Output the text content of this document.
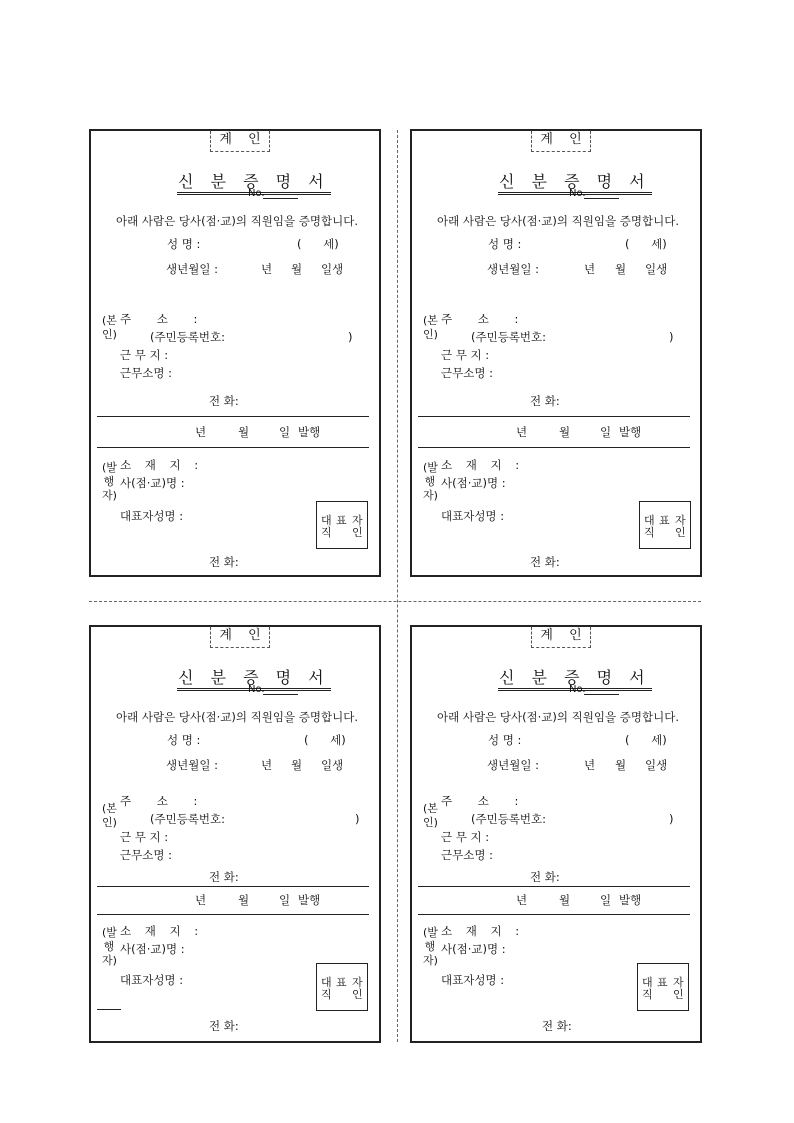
계 인
신 분 증 명 서
No.
아래 사람은 당사(점·교)의 직원임을 증명합니다.
성 명 :	( 세)
생년월일 :	년 월 일생
(본인)
주 소 :
(주민등록번호:	)
근 무 지 :
근무소명 :
전 화:
년	월	일 발행
(발행자)
소 재 지 :
사(점·교)명 :
대표자성명 :	대 표 자
직 인
전 화:
계 인
신 분 증 명 서
No.
아래 사람은 당사(점·교)의 직원임을 증명합니다.
성 명 :	( 세)
생년월일 :	년 월 일생
(본인)
주 소 :
(주민등록번호:	)
근 무 지 :
근무소명 :
전 화:
년	월	일 발행
(발행자)
소 재 지 :
사(점·교)명 :
대표자성명 :	대 표 자
직 인
전 화:
계 인
신 분 증 명 서
No.
아래 사람은 당사(점·교)의 직원임을 증명합니다.
성 명 :	( 세)
생년월일 :	년 월 일생
(본인)
주 소 :
(주민등록번호:	)
근 무 지 :
근무소명 :
전 화:
년	월	일 발행
(발행자)
소 재 지 :
사(점·교)명 :
대표자성명 :	대 표 자
직 인
전 화:
계 인
신 분 증 명 서
No.
아래 사람은 당사(점·교)의 직원임을 증명합니다.
성 명 :	( 세)
생년월일 :	년 월 일생
(본인)
주 소 :
(주민등록번호:	)
근 무 지 :
근무소명 :
전 화:
년	월	일 발행
(발행자)
소 재 지 :
사(점·교)명 :
대표자성명 :	대 표 자
직 인
전 화:
